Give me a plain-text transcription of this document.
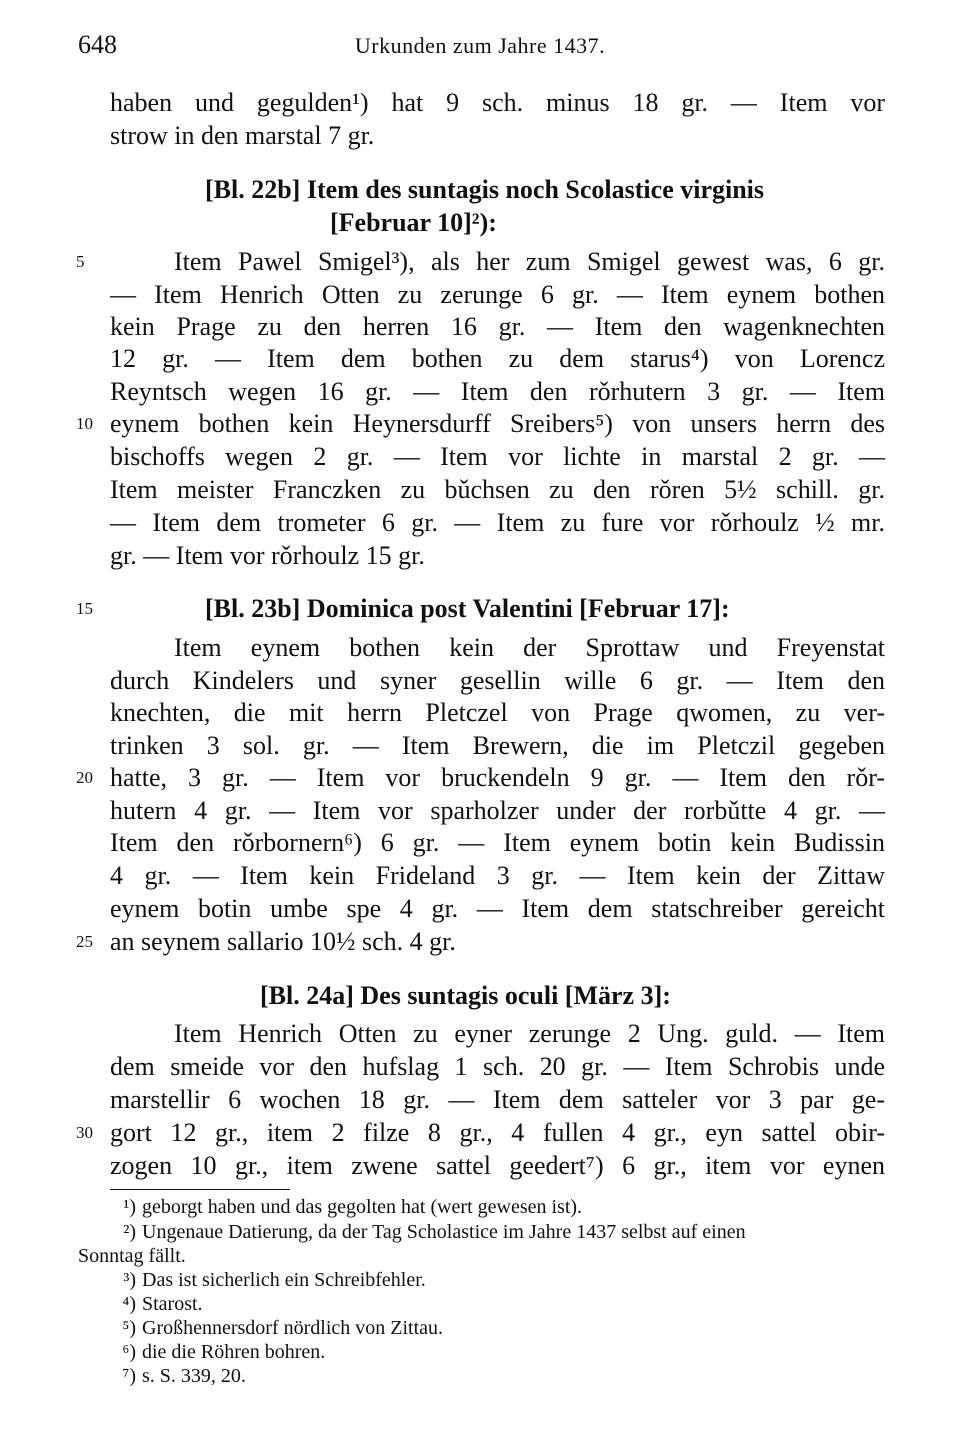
648	Urkunden zum Jahre 1437.
haben und gegulden¹) hat 9 sch. minus 18 gr. — Item vor
strow in den marstal 7 gr.
[Bl. 22b] Item des suntagis noch Scolastice virginis
[Februar 10]²):
Item Pawel Smigel³), als her zum Smigel gewest was, 6 gr.
— Item Henrich Otten zu zerunge 6 gr. — Item eynem bothen
kein Prage zu den herren 16 gr. — Item den wagenknechten
12 gr. — Item dem bothen zu dem starus⁴) von Lorencz
Reyntsch wegen 16 gr. — Item den rǒrhutern 3 gr. — Item
eynem bothen kein Heynersdurff Sreibers⁵) von unsers herrn des
bischoffs wegen 2 gr. — Item vor lichte in marstal 2 gr. —
Item meister Franczken zu bǔchsen zu den rǒren 5½ schill. gr.
— Item dem trometer 6 gr. — Item zu fure vor rǒrhoulz ½ mr.
gr. — Item vor rǒrhoulz 15 gr.
[Bl. 23b] Dominica post Valentini [Februar 17]:
Item eynem bothen kein der Sprottaw und Freyenstat
durch Kindelers und syner gesellin wille 6 gr. — Item den
knechten, die mit herrn Pletczel von Prage qwomen, zu ver-
trinken 3 sol. gr. — Item Brewern, die im Pletczil gegeben
hatte, 3 gr. — Item vor bruckendeln 9 gr. — Item den rǒr-
hutern 4 gr. — Item vor sparholzer under der rorbǔtte 4 gr. —
Item den rǒrbornern⁶) 6 gr. — Item eynem botin kein Budissin
4 gr. — Item kein Frideland 3 gr. — Item kein der Zittaw
eynem botin umbe spe 4 gr. — Item dem statschreiber gereicht
an seynem sallario 10½ sch. 4 gr.
[Bl. 24a] Des suntagis oculi [März 3]:
Item Henrich Otten zu eyner zerunge 2 Ung. guld. — Item
dem smeide vor den hufslag 1 sch. 20 gr. — Item Schrobis unde
marstellir 6 wochen 18 gr. — Item dem satteler vor 3 par ge-
gort 12 gr., item 2 filze 8 gr., 4 fullen 4 gr., eyn sattel obir-
zogen 10 gr., item zwene sattel geedert⁷) 6 gr., item vor eynen
5
10
15
20
25
30
¹) geborgt haben und das gegolten hat (wert gewesen ist).
²) Ungenaue Datierung, da der Tag Scholastice im Jahre 1437 selbst auf einen
Sonntag fällt.
³) Das ist sicherlich ein Schreibfehler.
⁴) Starost.
⁵) Großhennersdorf nördlich von Zittau.
⁶) die die Röhren bohren.
⁷) s. S. 339, 20.
